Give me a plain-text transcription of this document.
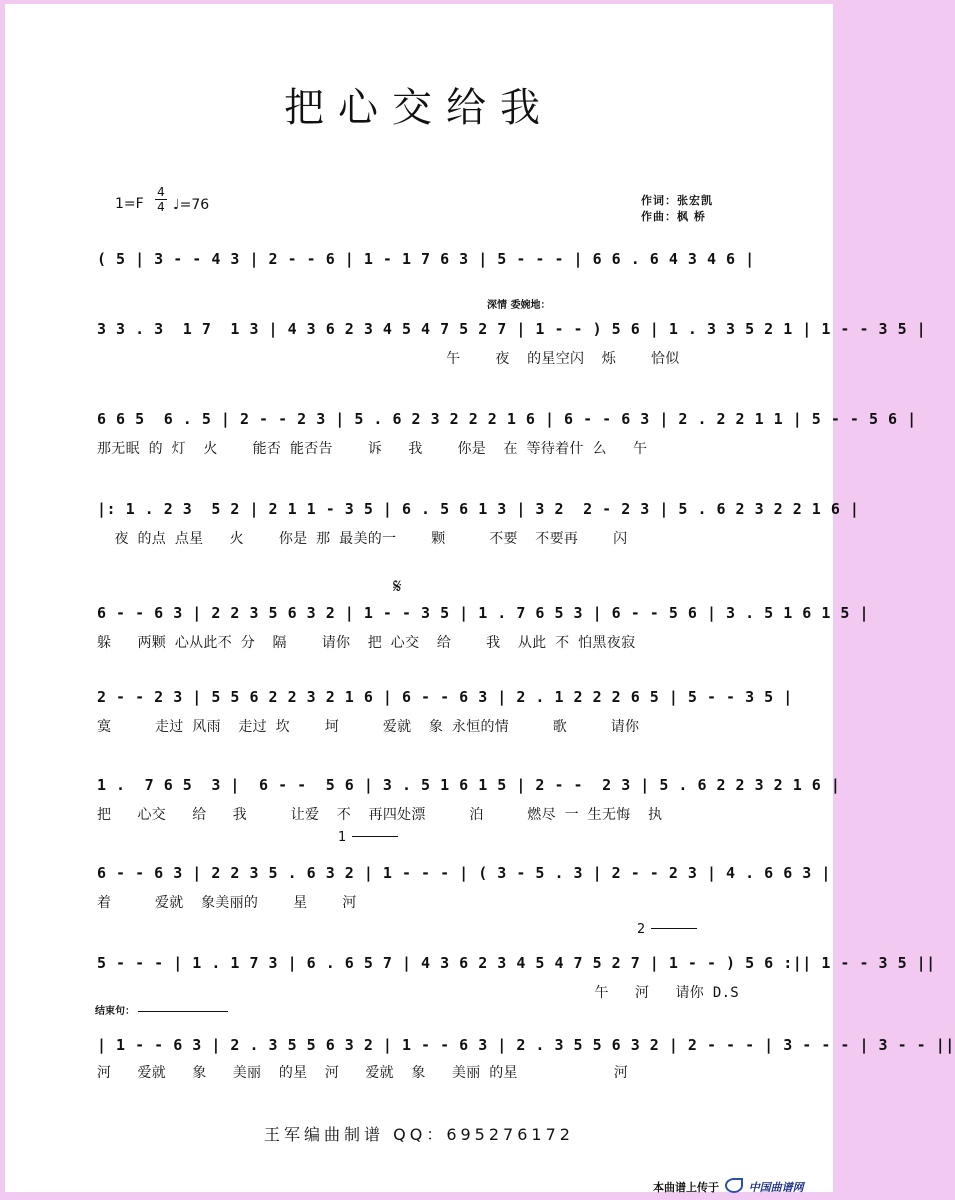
把心交给我
1=F
4
4 ♩=76	作词：张宏凯
作曲：枫 桥
深情 委婉地：
𝄋
1
2
结束句：
( 5 | 3 - - 4 3 | 2 - - 6 | 1 - 1 7 6 3 | 5 - - - | 6 6 . 6 4 3 4 6 |
3 3 . 3  1 7  1 3 | 4 3 6 2 3 4 5 4 7 5 2 7 | 1 - - ) 5 6 | 1 . 3 3 5 2 1 | 1 - - 3 5 |
午    夜  的星空闪  烁    恰似
6 6 5  6 . 5 | 2 - - 2 3 | 5 . 6 2 3 2 2 2 1 6 | 6 - - 6 3 | 2 . 2 2 1 1 | 5 - - 5 6 |
那无眠 的 灯  火    能否 能否告    诉   我    你是  在 等待着什 么   午
|: 1 . 2 3  5 2 | 2 1 1 - 3 5 | 6 . 5 6 1 3 | 3 2  2 - 2 3 | 5 . 6 2 3 2 2 1 6 |
夜 的点 点星   火    你是 那 最美的一    颗     不要  不要再    闪
6 - - 6 3 | 2 2 3 5 6 3 2 | 1 - - 3 5 | 1 . 7 6 5 3 | 6 - - 5 6 | 3 . 5 1 6 1 5 |
躲   两颗 心从此不 分  隔    请你  把 心交  给    我  从此 不 怕黑夜寂
2 - - 2 3 | 5 5 6 2 2 3 2 1 6 | 6 - - 6 3 | 2 . 1 2 2 2 6 5 | 5 - - 3 5 |
寞     走过 风雨  走过 坎    坷     爱就  象 永恒的情     歌     请你
1 .  7 6 5  3 |  6 - -  5 6 | 3 . 5 1 6 1 5 | 2 - -  2 3 | 5 . 6 2 2 3 2 1 6 |
把   心交   给   我     让爱  不  再四处漂     泊     燃尽 一 生无悔  执
6 - - 6 3 | 2 2 3 5 . 6 3 2 | 1 - - - | ( 3 - 5 . 3 | 2 - - 2 3 | 4 . 6 6 3 |
着     爱就  象美丽的    星    河
5 - - - | 1 . 1 7 3 | 6 . 6 5 7 | 4 3 6 2 3 4 5 4 7 5 2 7 | 1 - - ) 5 6 :|| 1 - - 3 5 ||
午   河   请你 D.S
| 1 - - 6 3 | 2 . 3 5 5 6 3 2 | 1 - - 6 3 | 2 . 3 5 5 6 3 2 | 2 - - - | 3 - - - | 3 - - ||
河   爱就   象   美丽  的星  河   爱就  象   美丽 的星           河
王军编曲制谱 QQ：695276172
本曲谱上传于	中国曲谱网
